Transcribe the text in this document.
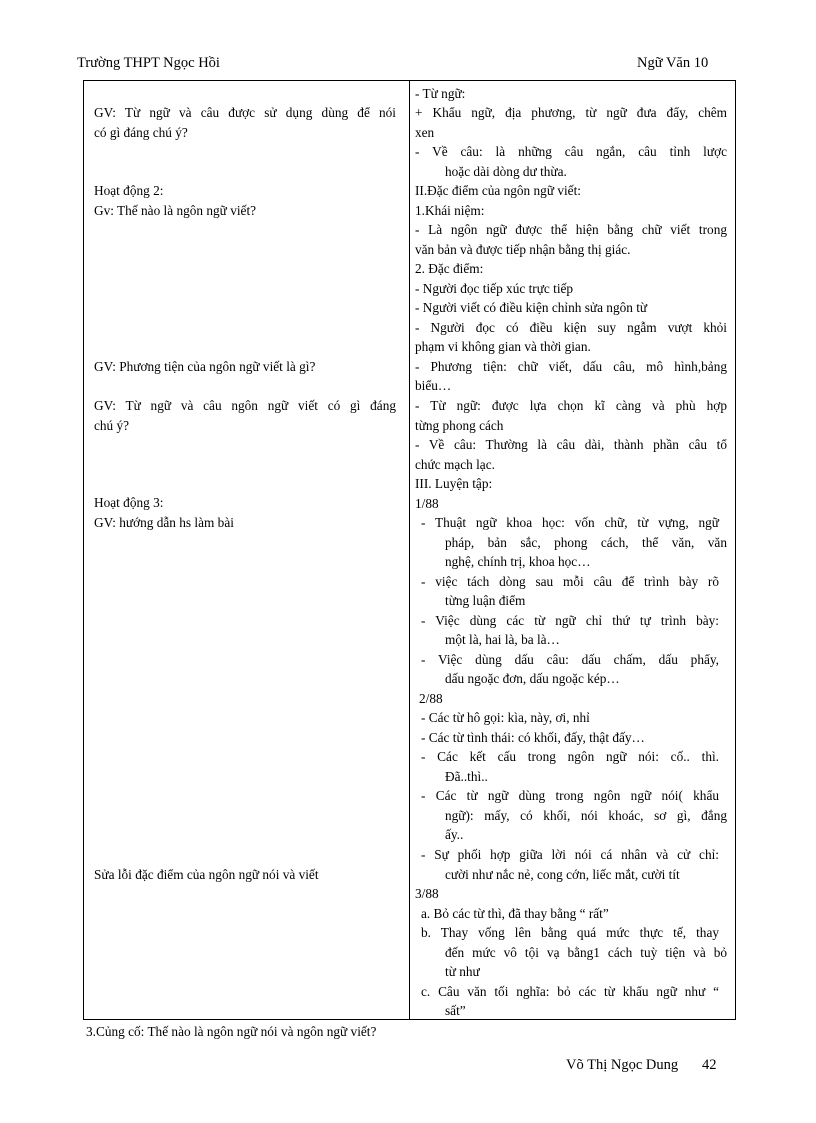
Trường THPT Ngọc Hồi	Ngữ Văn 10
GV: Từ ngữ và câu được sử dụng dùng để nói
có gì đáng chú ý?
Hoạt động 2:
Gv: Thế nào là ngôn ngữ viết?
GV: Phương tiện của ngôn ngữ viết là gì?
GV: Từ ngữ và câu ngôn ngữ viết có gì đáng
chú ý?
Hoạt động 3:
GV: hướng dẫn hs làm bài
Sửa lỗi đặc điểm của ngôn ngữ nói và viết
- Từ ngữ:
+ Khẩu ngữ, địa phương, từ ngữ đưa đẩy, chêm
xen
- Về câu: là những câu ngắn, câu tỉnh lược
hoặc dài dòng dư thừa.
II.Đặc điểm của ngôn ngữ viết:
1.Khái niệm:
- Là ngôn ngữ được thể hiện bằng chữ viết trong
văn bản và được tiếp nhận bằng thị giác.
2. Đặc điểm:
- Người đọc tiếp xúc trực tiếp
- Người viết có điều kiện chỉnh sửa ngôn từ
- Người đọc có điều kiện suy ngẫm vượt khỏi
phạm vi không gian và thời gian.
- Phương tiện: chữ viết, dấu câu, mô hình,bảng
biểu…
- Từ ngữ: được lựa chọn kĩ càng và phù hợp
từng phong cách
- Về câu: Thường là câu dài, thành phần câu tổ
chức mạch lạc.
III. Luyện tập:
1/88
- Thuật ngữ khoa học: vốn chữ, từ vựng, ngữ
pháp, bản sắc, phong cách, thể văn, văn
nghệ, chính trị, khoa học…
- việc tách dòng sau mỗi câu để trình bày rõ
từng luận điểm
- Việc dùng các từ ngữ chỉ thứ tự trình bày:
một là, hai là, ba là…
- Việc dùng dấu câu: dấu chấm, dấu phẩy,
dấu ngoặc đơn, dấu ngoặc kép…
2/88
- Các từ hô gọi: kìa, này, ơi, nhỉ
- Các từ tình thái: có khối, đấy, thật đấy…
- Các kết cấu trong ngôn ngữ nói: cố.. thì.
Đã..thì..
- Các từ ngữ dùng trong ngôn ngữ nói( khẩu
ngữ): mấy, có khối, nói khoác, sơ gì, đắng
ấy..
- Sự phối hợp giữa lời nói cá nhân và cử chỉ:
cười như nắc nẻ, cong cớn, liếc mắt, cười tít
3/88
a. Bỏ các từ thì, đã thay bằng “ rất”
b. Thay vống lên bằng quá mức thực tế, thay
đến mức vô tội vạ bằng1 cách tuỳ tiện và bỏ
từ như
c. Câu văn tối nghĩa: bỏ các từ khẩu ngữ như “
sất”
3.Củng cố: Thế nào là ngôn ngữ nói và ngôn ngữ viết?
Võ Thị Ngọc Dung 42
